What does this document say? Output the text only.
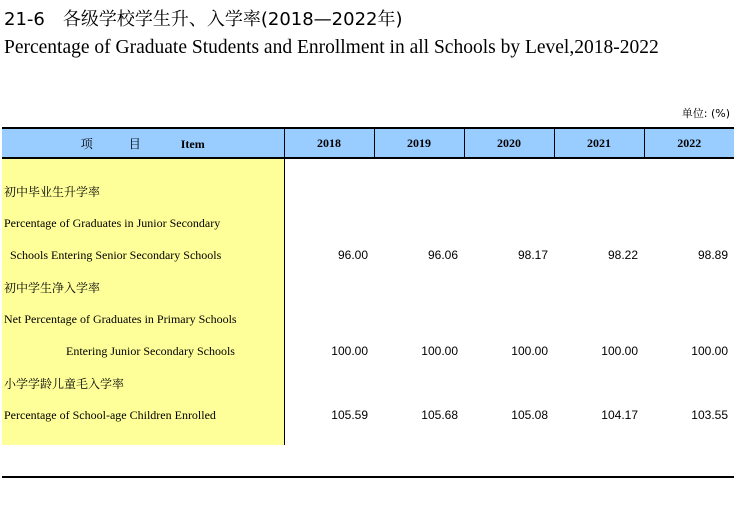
21-6　各级学校学生升、入学率(2018—2022年)
Percentage of Graduate Students and Enrollment in all Schools by Level,2018-2022
单位: (%)
项　目 Item	2018	2019	2020	2021	2022

初中毕业生升学率					
Percentage of Graduates in Junior Secondary					
Schools Entering Senior Secondary Schools	96.00	96.06	98.17	98.22	98.89
初中学生净入学率					
Net Percentage of Graduates in Primary Schools					
Entering Junior Secondary Schools	100.00	100.00	100.00	100.00	100.00
小学学龄儿童毛入学率					
Percentage of School-age Children Enrolled	105.59	105.68	105.08	104.17	103.55
